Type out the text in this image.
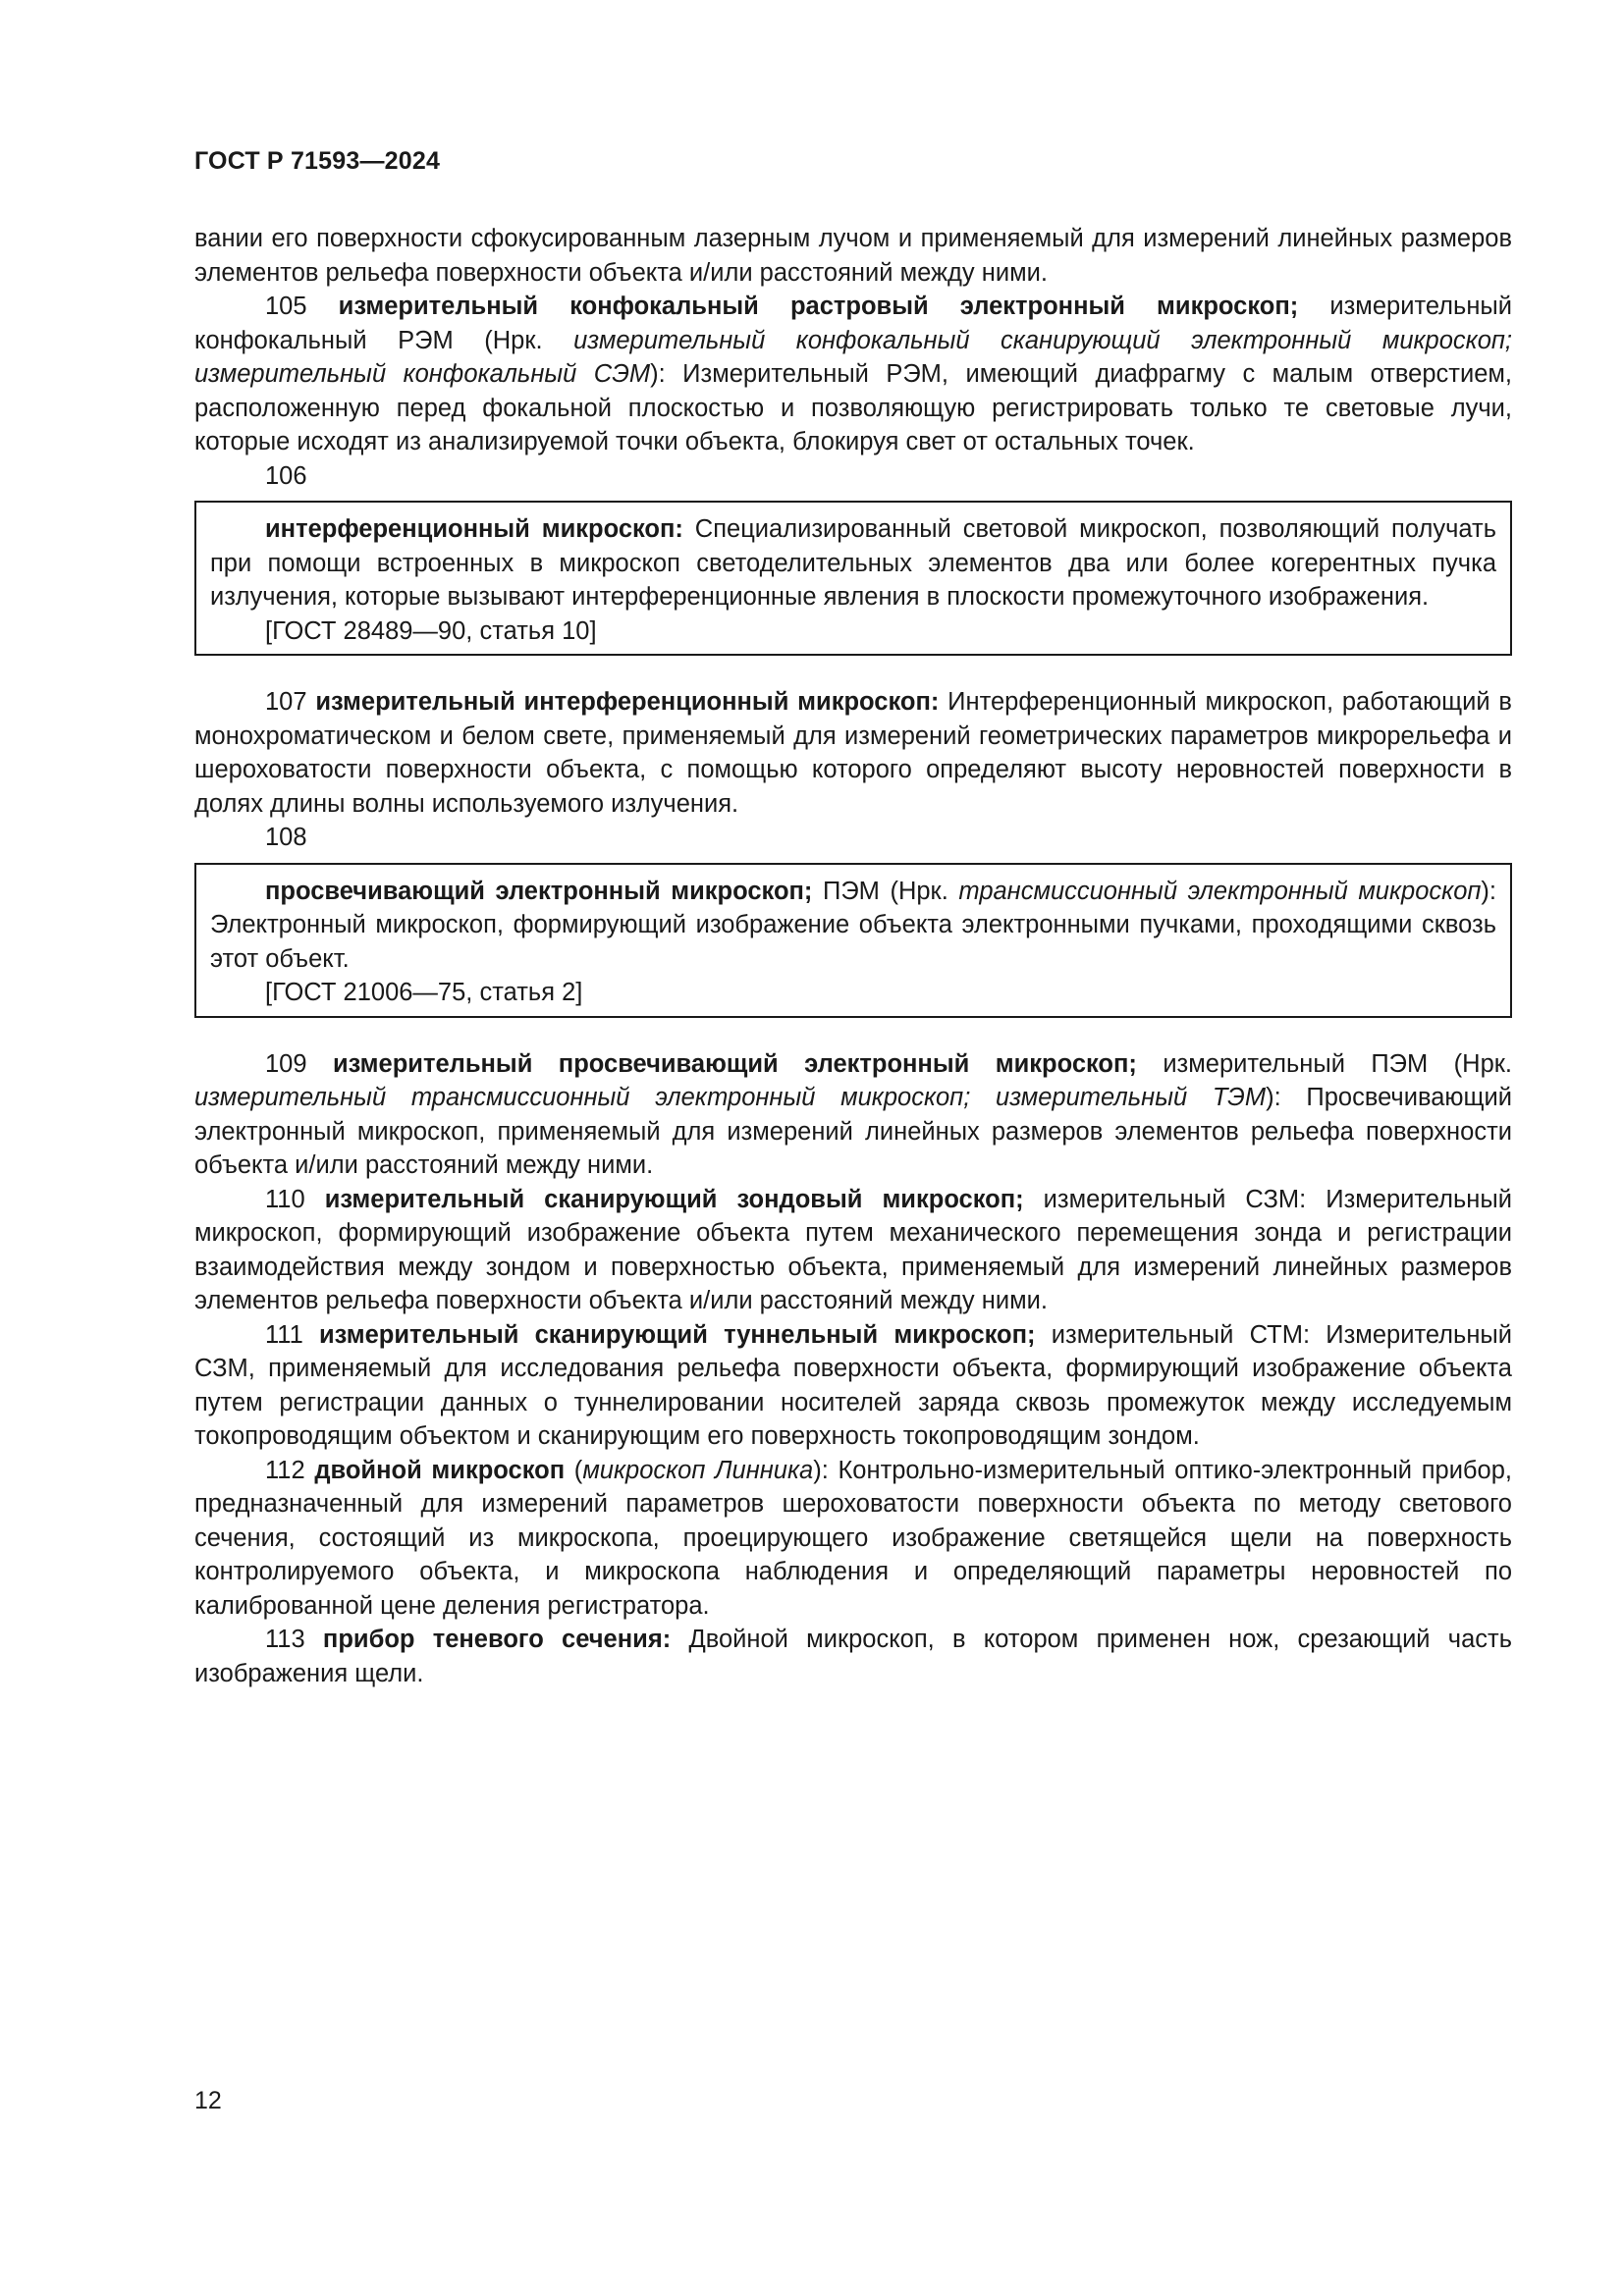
ГОСТ Р 71593—2024

вании его поверхности сфокусированным лазерным лучом и применяемый для измерений линейных размеров элементов рельефа поверхности объекта и/или расстояний между ними.

105 измерительный конфокальный растровый электронный микроскоп; измерительный конфокальный РЭМ (Нрк. измерительный конфокальный сканирующий электронный микроскоп; измерительный конфокальный СЭМ): Измерительный РЭМ, имеющий диафрагму с малым отверстием, расположенную перед фокальной плоскостью и позволяющую регистрировать только те световые лучи, которые исходят из анализируемой точки объекта, блокируя свет от остальных точек.

106

интерференционный микроскоп: Специализированный световой микроскоп, позволяющий получать при помощи встроенных в микроскоп светоделительных элементов два или более когерентных пучка излучения, которые вызывают интерференционные явления в плоскости промежуточного изображения.

[ГОСТ 28489—90, статья 10]

107 измерительный интерференционный микроскоп: Интерференционный микроскоп, работающий в монохроматическом и белом свете, применяемый для измерений геометрических параметров микрорельефа и шероховатости поверхности объекта, с помощью которого определяют высоту неровностей поверхности в долях длины волны используемого излучения.

108

просвечивающий электронный микроскоп; ПЭМ (Нрк. трансмиссионный электронный микроскоп): Электронный микроскоп, формирующий изображение объекта электронными пучками, проходящими сквозь этот объект.

[ГОСТ 21006—75, статья 2]

109 измерительный просвечивающий электронный микроскоп; измерительный ПЭМ (Нрк. измерительный трансмиссионный электронный микроскоп; измерительный ТЭМ): Просвечивающий электронный микроскоп, применяемый для измерений линейных размеров элементов рельефа поверхности объекта и/или расстояний между ними.

110 измерительный сканирующий зондовый микроскоп; измерительный СЗМ: Измерительный микроскоп, формирующий изображение объекта путем механического перемещения зонда и регистрации взаимодействия между зондом и поверхностью объекта, применяемый для измерений линейных размеров элементов рельефа поверхности объекта и/или расстояний между ними.

111 измерительный сканирующий туннельный микроскоп; измерительный СТМ: Измерительный СЗМ, применяемый для исследования рельефа поверхности объекта, формирующий изображение объекта путем регистрации данных о туннелировании носителей заряда сквозь промежуток между исследуемым токопроводящим объектом и сканирующим его поверхность токопроводящим зондом.

112 двойной микроскоп (микроскоп Линника): Контрольно-измерительный оптико-электронный прибор, предназначенный для измерений параметров шероховатости поверхности объекта по методу светового сечения, состоящий из микроскопа, проецирующего изображение светящейся щели на поверхность контролируемого объекта, и микроскопа наблюдения и определяющий параметры неровностей по калиброванной цене деления регистратора.

113 прибор теневого сечения: Двойной микроскоп, в котором применен нож, срезающий часть изображения щели.

12
